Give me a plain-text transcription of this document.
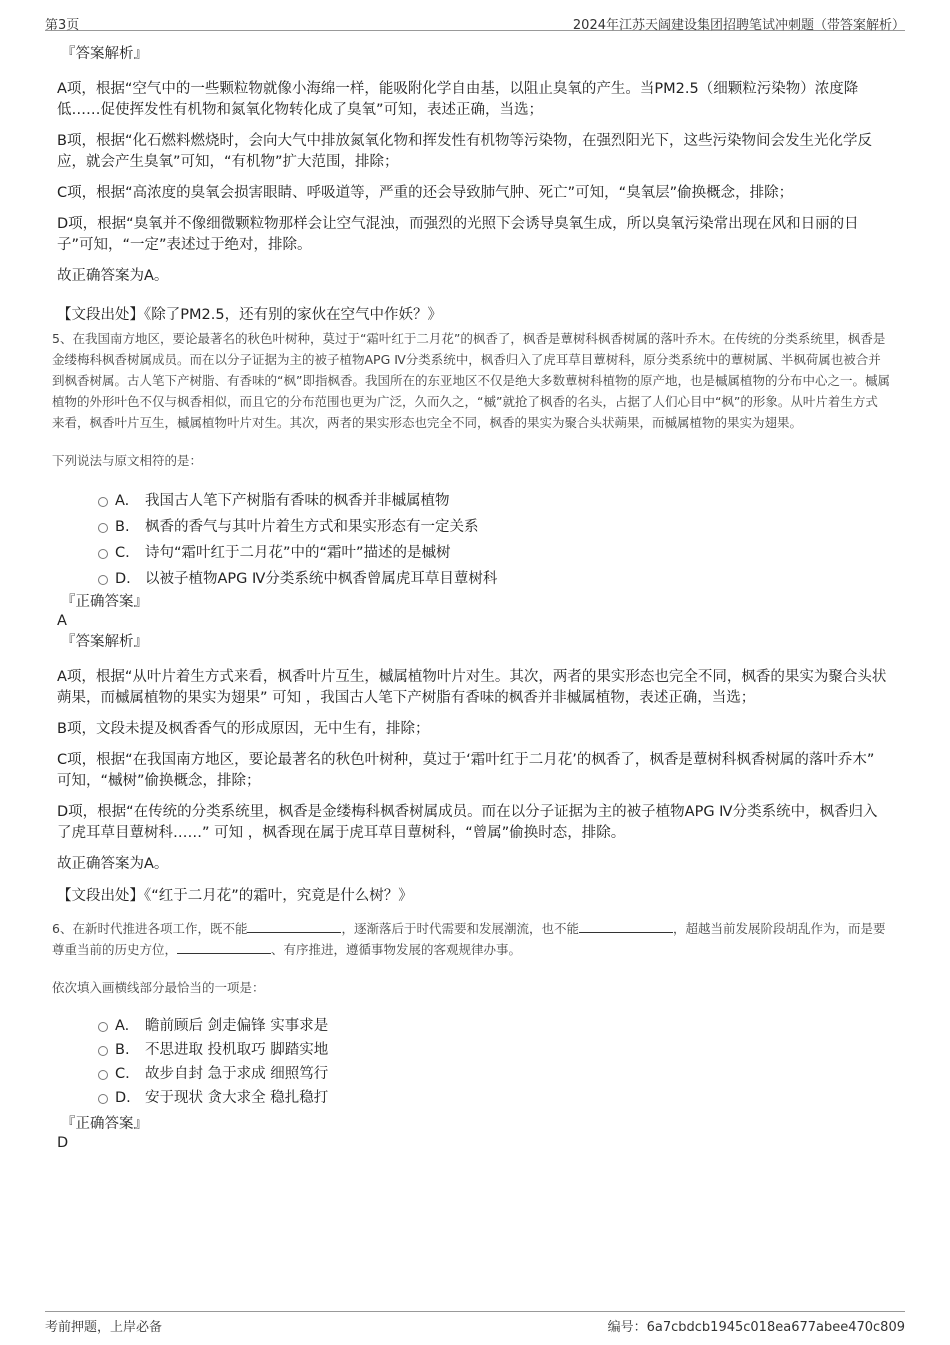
第3页	2024年江苏天阔建设集团招聘笔试冲刺题（带答案解析）
『答案解析』
A项，根据“空气中的一些颗粒物就像小海绵一样，能吸附化学自由基，以阻止臭氧的产生。当PM2.5（细颗粒污染物）浓度降低……促使挥发性有机物和氮氧化物转化成了臭氧”可知，表述正确，当选；
B项，根据“化石燃料燃烧时，会向大气中排放氮氧化物和挥发性有机物等污染物，在强烈阳光下，这些污染物间会发生光化学反应，就会产生臭氧”可知，“有机物”扩大范围，排除；
C项，根据“高浓度的臭氧会损害眼睛、呼吸道等，严重的还会导致肺气肿、死亡”可知，“臭氧层”偷换概念，排除；
D项，根据“臭氧并不像细微颗粒物那样会让空气混浊，而强烈的光照下会诱导臭氧生成，所以臭氧污染常出现在风和日丽的日子”可知，“一定”表述过于绝对，排除。
故正确答案为A。
【文段出处】《除了PM2.5，还有别的家伙在空气中作妖？》
5、在我国南方地区，要论最著名的秋色叶树种，莫过于“霜叶红于二月花”的枫香了，枫香是蕈树科枫香树属的落叶乔木。在传统的分类系统里，枫香是金缕梅科枫香树属成员。而在以分子证据为主的被子植物APG Ⅳ分类系统中，枫香归入了虎耳草目蕈树科，原分类系统中的蕈树属、半枫荷属也被合并到枫香树属。古人笔下产树脂、有香味的“枫”即指枫香。我国所在的东亚地区不仅是绝大多数蕈树科植物的原产地，也是槭属植物的分布中心之一。槭属植物的外形叶色不仅与枫香相似，而且它的分布范围也更为广泛，久而久之，“槭”就抢了枫香的名头，占据了人们心目中“枫”的形象。从叶片着生方式来看，枫香叶片互生，槭属植物叶片对生。其次，两者的果实形态也完全不同，枫香的果实为聚合头状蒴果，而槭属植物的果实为翅果。
下列说法与原文相符的是：
A. 我国古人笔下产树脂有香味的枫香并非槭属植物
B. 枫香的香气与其叶片着生方式和果实形态有一定关系
C. 诗句“霜叶红于二月花”中的“霜叶”描述的是槭树
D. 以被子植物APG Ⅳ分类系统中枫香曾属虎耳草目蕈树科
『正确答案』
A
『答案解析』
A项，根据“从叶片着生方式来看，枫香叶片互生，槭属植物叶片对生。其次，两者的果实形态也完全不同，枫香的果实为聚合头状蒴果，而槭属植物的果实为翅果” 可知 ，我国古人笔下产树脂有香味的枫香并非槭属植物，表述正确，当选；
B项，文段未提及枫香香气的形成原因，无中生有，排除；
C项，根据“在我国南方地区，要论最著名的秋色叶树种，莫过于‘霜叶红于二月花’的枫香了，枫香是蕈树科枫香树属的落叶乔木” 可知，“槭树”偷换概念，排除；
D项，根据“在传统的分类系统里，枫香是金缕梅科枫香树属成员。而在以分子证据为主的被子植物APG Ⅳ分类系统中，枫香归入了虎耳草目蕈树科……” 可知 ，枫香现在属于虎耳草目蕈树科，“曾属”偷换时态，排除。
故正确答案为A。
【文段出处】《“红于二月花”的霜叶，究竟是什么树？》
6、在新时代推进各项工作，既不能	，逐渐落后于时代需要和发展潮流，也不能	，超越当前发展阶段胡乱作为，而是要尊重当前的历史方位，	、有序推进，遵循事物发展的客观规律办事。
依次填入画横线部分最恰当的一项是：
A. 瞻前顾后 剑走偏锋 实事求是
B. 不思进取 投机取巧 脚踏实地
C. 故步自封 急于求成 细照笃行
D. 安于现状 贪大求全 稳扎稳打
『正确答案』
D
考前押题，上岸必备	编号：6a7cbdcb1945c018ea677abee470c809
